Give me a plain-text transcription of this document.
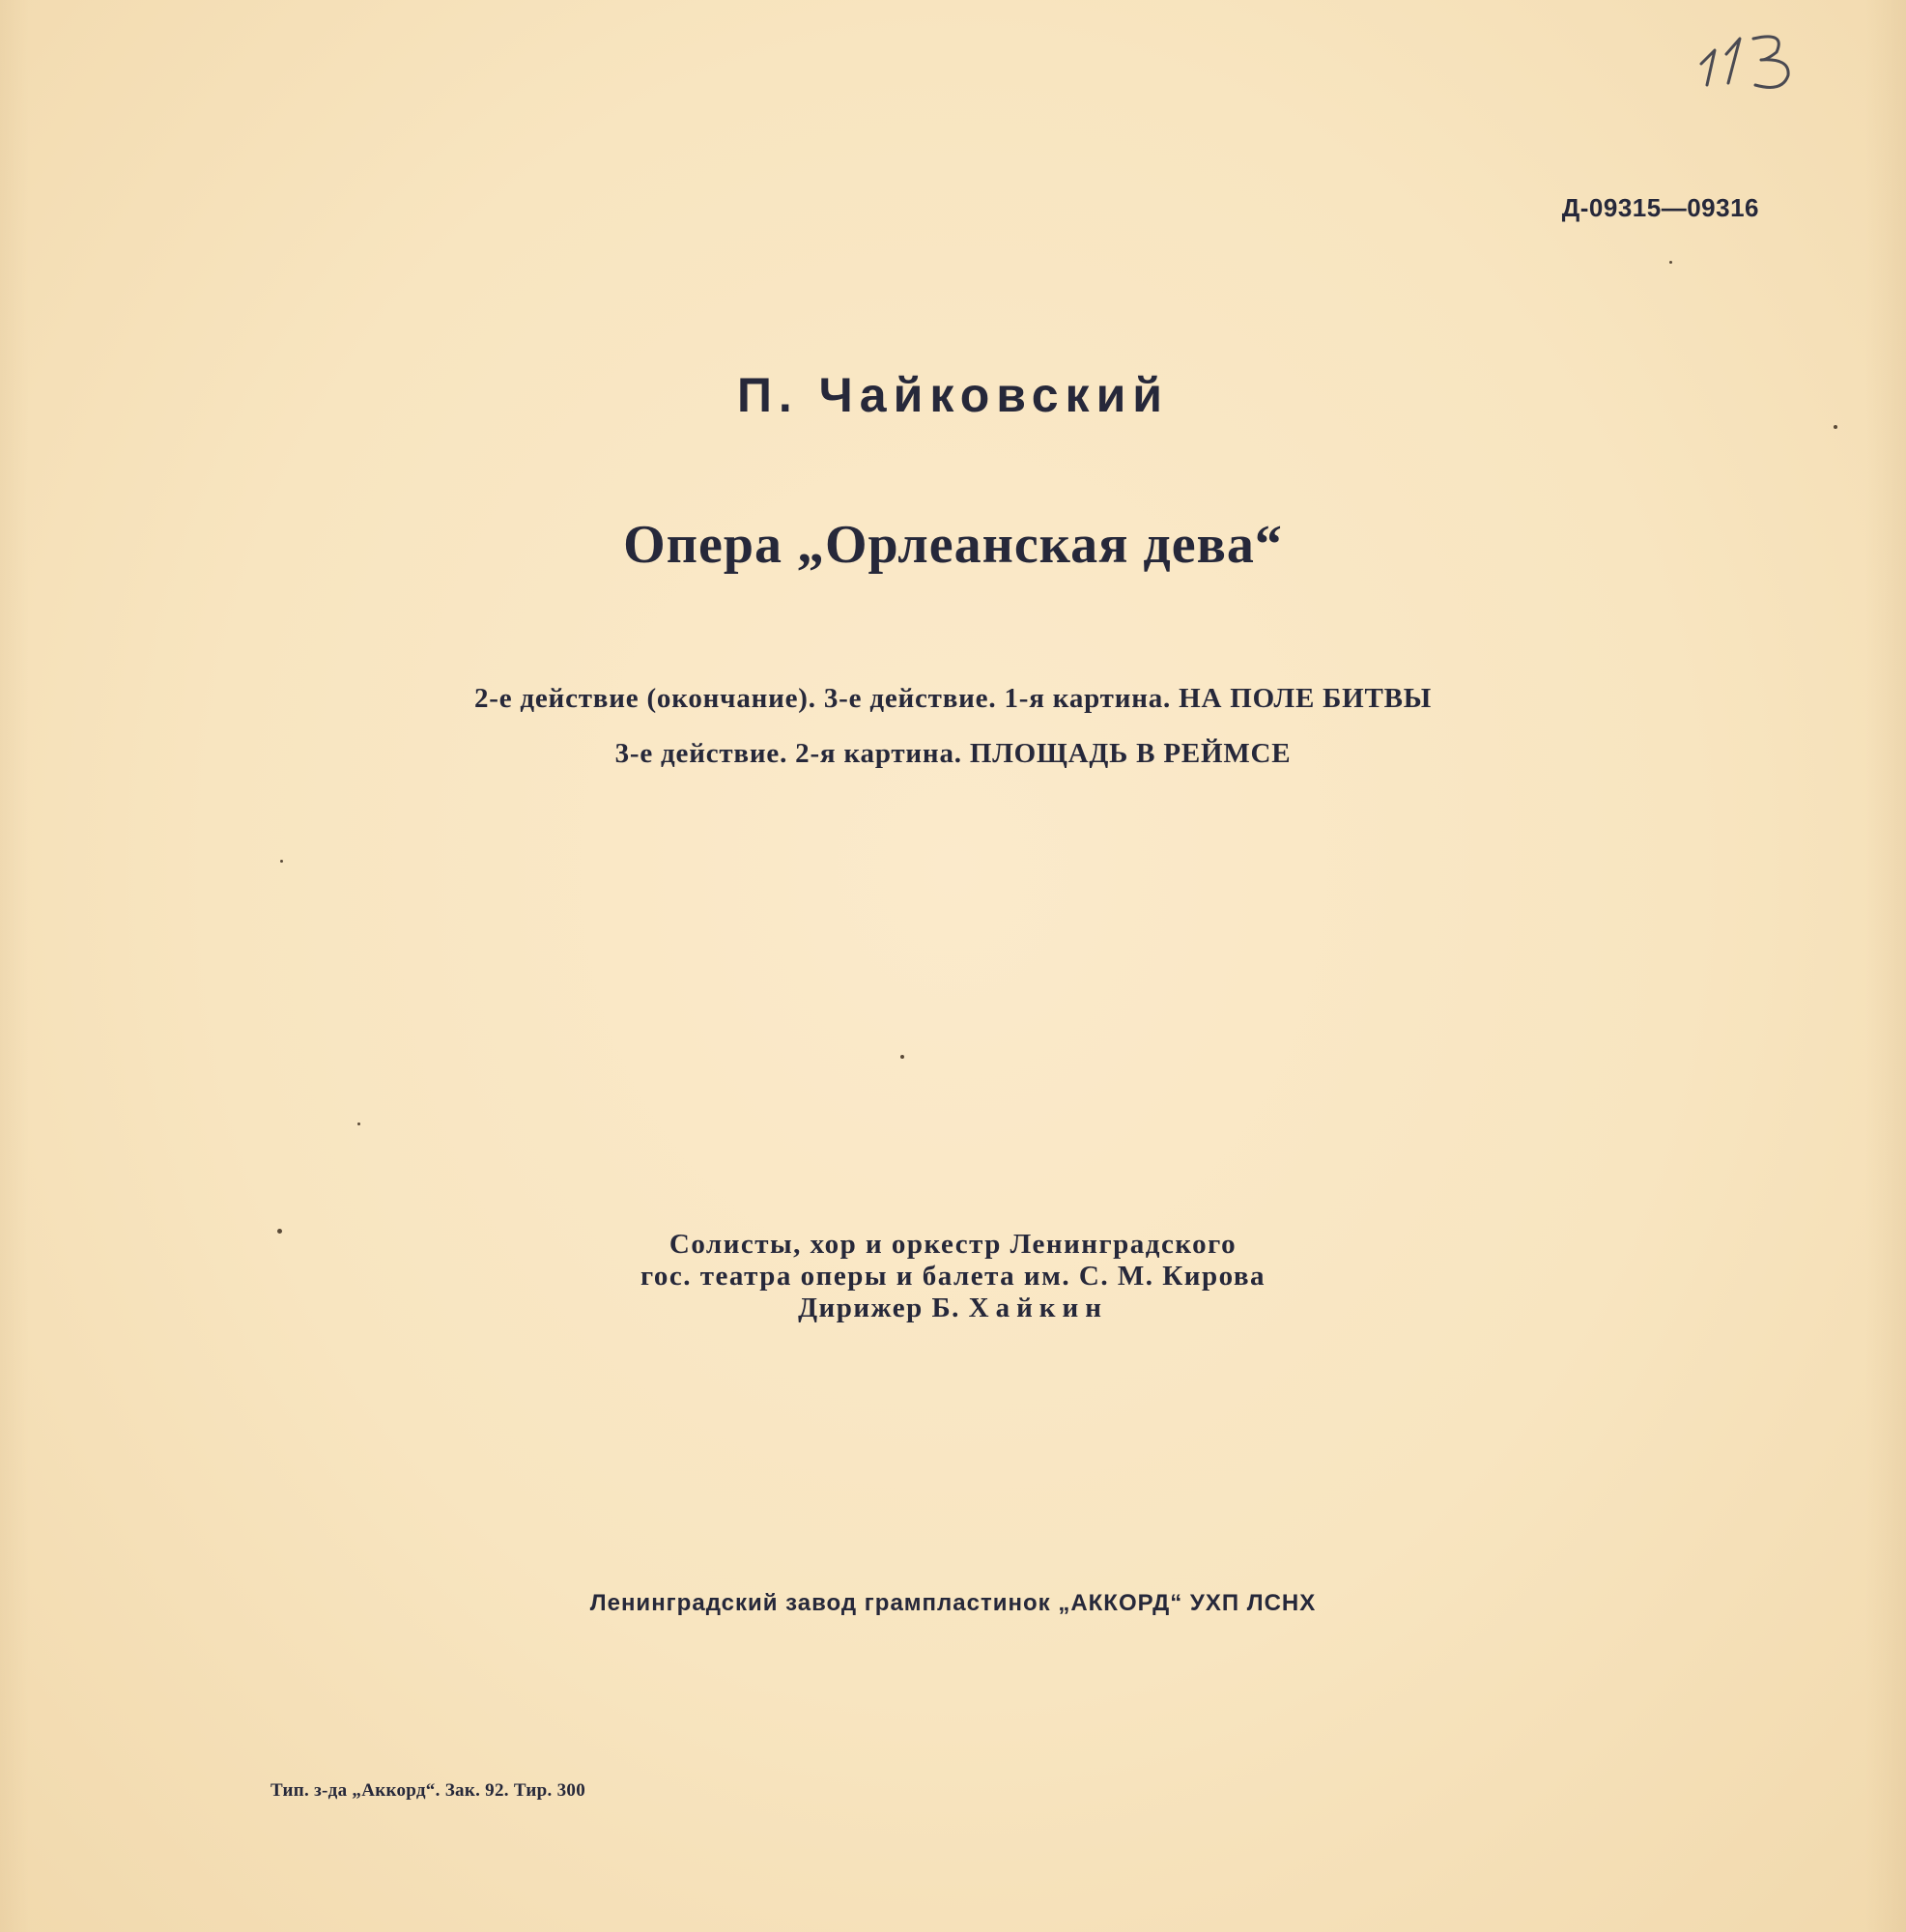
Д-09315—09316
П. Чайковский
Опера „Орлеанская дева“
2-е действие (окончание). 3-е действие. 1-я картина. НА ПОЛЕ БИТВЫ
3-е действие. 2-я картина. ПЛОЩАДЬ В РЕЙМСЕ
Солисты, хор и оркестр Ленинградского
гос. театра оперы и балета им. С. М. Кирова
Дирижер Б. Хайкин
Ленинградский завод грампластинок „АККОРД“ УХП ЛСНХ
Тип. з-да „Аккорд“. Зак. 92. Тир. 300
